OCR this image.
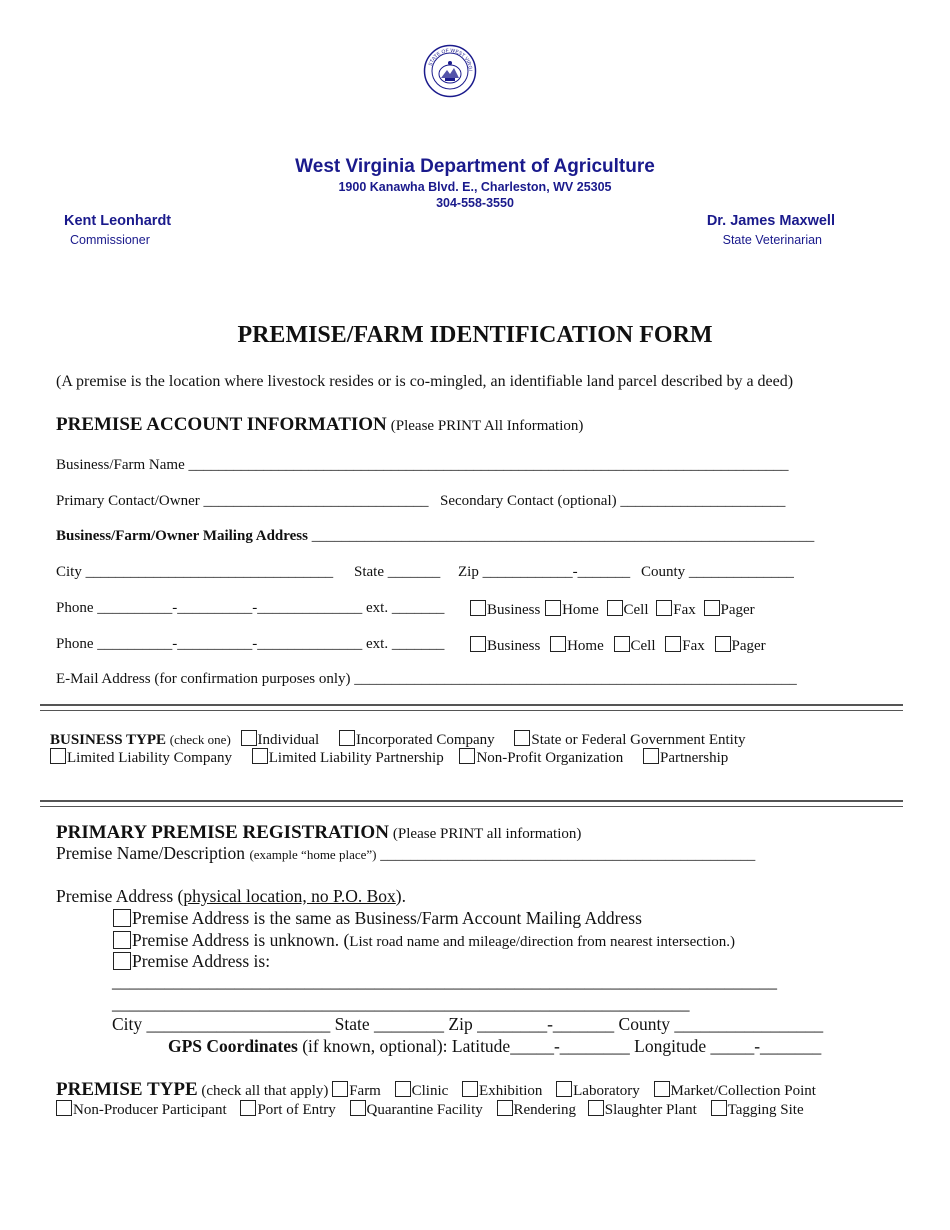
STATE OF WEST VIRGI
West Virginia Department of Agriculture
1900 Kanawha Blvd. E., Charleston, WV 25305
304-558-3550
Kent Leonhardt
Commissioner
Dr. James Maxwell
State Veterinarian
PREMISE/FARM IDENTIFICATION FORM
(A premise is the location where livestock resides or is co-mingled, an identifiable land parcel described by a deed)
PREMISE ACCOUNT INFORMATION (Please PRINT All Information)
Business/Farm Name ________________________________________________________________________________
Primary Contact/Owner ______________________________ Secondary Contact (optional) ______________________
Business/Farm/Owner Mailing Address ___________________________________________________________________
City _________________________________ State _______ Zip ____________-_______ County ______________
Phone __________-__________-______________ ext. _______	Business Home Cell Fax Pager
Phone __________-__________-______________ ext. _______	Business Home Cell Fax Pager
E-Mail Address (for confirmation purposes only) ___________________________________________________________
BUSINESS TYPE (check one) Individual Incorporated Company State or Federal Government Entity
Limited Liability Company Limited Liability Partnership Non-Profit Organization Partnership
PRIMARY PREMISE REGISTRATION (Please PRINT all information)
Premise Name/Description (example “home place”) __________________________________________________
Premise Address (physical location, no P.O. Box).
Premise Address is the same as Business/Farm Account Mailing Address
Premise Address is unknown. (List road name and mileage/direction from nearest intersection.)
Premise Address is:
____________________________________________________________________________
__________________________________________________________________
City _____________________ State ________ Zip ________-_______ County _________________
GPS Coordinates (if known, optional): Latitude_____-________ Longitude _____-_______
PREMISE TYPE (check all that apply) Farm Clinic Exhibition Laboratory Market/Collection Point
Non-Producer Participant Port of Entry Quarantine Facility Rendering Slaughter Plant Tagging Site
